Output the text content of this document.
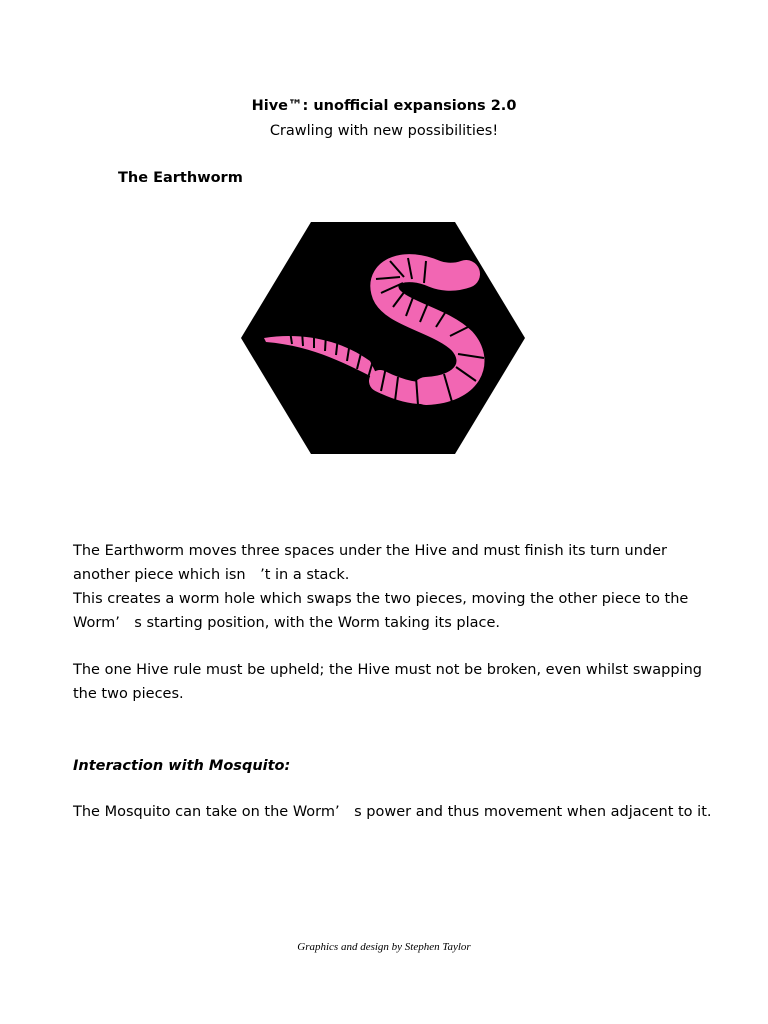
Hive™: unofficial expansions 2.0
Crawling with new possibilities!
The Earthworm

The Earthworm moves three spaces under the Hive and must finish its turn under
another piece which isn　’t in a stack.
This creates a worm hole which swaps the two pieces, moving the other piece to the
Worm’　s starting position, with the Worm taking its place.

The one Hive rule must be upheld; the Hive must not be broken, even whilst swapping
the two pieces.

Interaction with Mosquito:

The Mosquito can take on the Worm’　s power and thus movement when adjacent to it.

Graphics and design by Stephen Taylor
